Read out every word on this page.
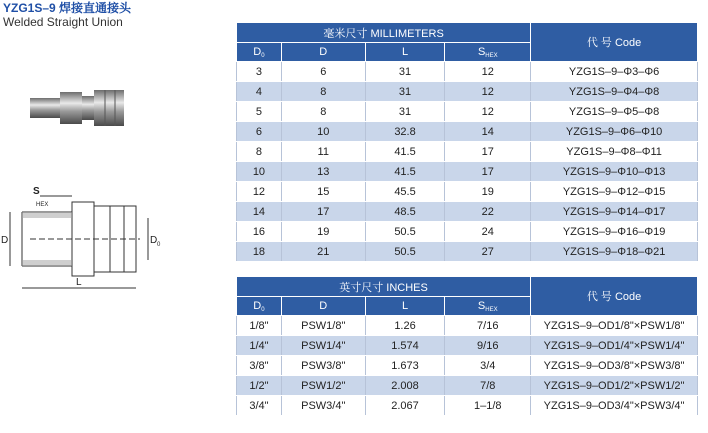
YZG1S–9 焊接直通接头
Welded Straight Union
S
HEX
D	D 0
L
毫米尺寸 MILLIMETERS				代 号 Code
$D_0$	D	L	$S_{HEX}$
3	6	31	12	YZG1S–9–Φ3–Φ6
4	8	31	12	YZG1S–9–Φ4–Φ8
5	8	31	12	YZG1S–9–Φ5–Φ8
6	10	32.8	14	YZG1S–9–Φ6–Φ10
8	11	41.5	17	YZG1S–9–Φ8–Φ11
10	13	41.5	17	YZG1S–9–Φ10–Φ13
12	15	45.5	19	YZG1S–9–Φ12–Φ15
14	17	48.5	22	YZG1S–9–Φ14–Φ17
16	19	50.5	24	YZG1S–9–Φ16–Φ19
18	21	50.5	27	YZG1S–9–Φ18–Φ21
英寸尺寸 INCHES				代 号 Code
$D_0$	D	L	$S_{HEX}$
1/8"	PSW1/8"	1.26	7/16	YZG1S–9–OD1/8"×PSW1/8"
1/4"	PSW1/4"	1.574	9/16	YZG1S–9–OD1/4"×PSW1/4"
3/8"	PSW3/8"	1.673	3/4	YZG1S–9–OD3/8"×PSW3/8"
1/2"	PSW1/2"	2.008	7/8	YZG1S–9–OD1/2"×PSW1/2"
3/4"	PSW3/4"	2.067	1–1/8	YZG1S–9–OD3/4"×PSW3/4"
